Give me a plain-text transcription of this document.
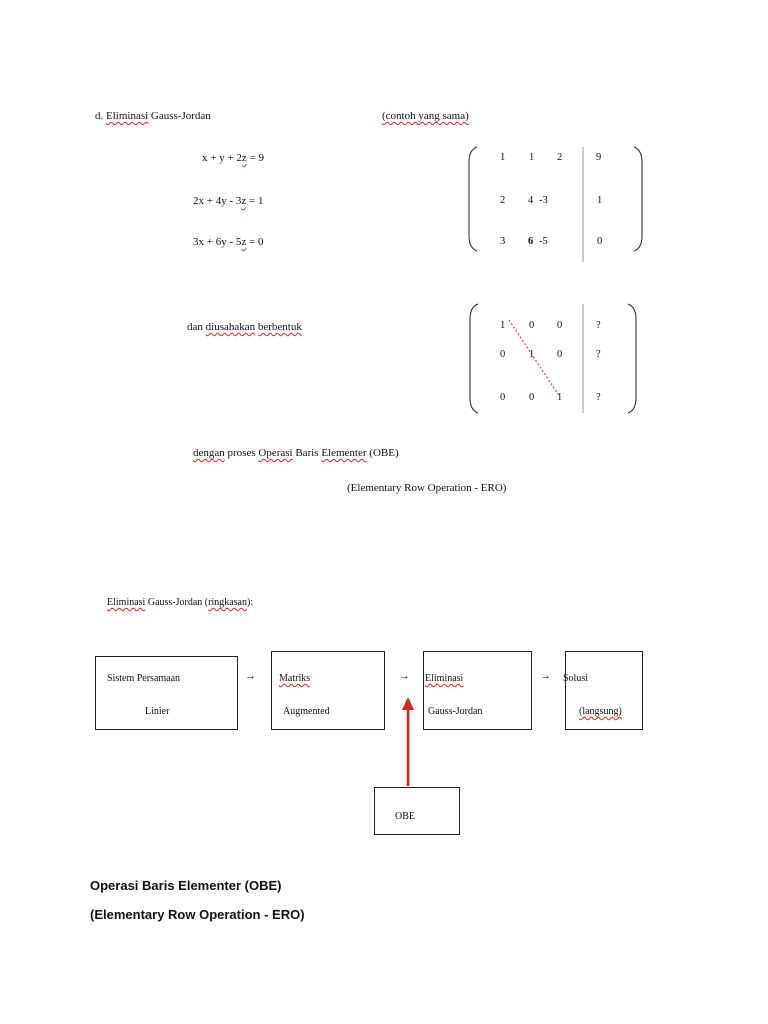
d. Eliminasi Gauss-Jordan	(contoh yang sama)
x + y + 2z = 9
2x + 4y - 3z = 1
3x + 6y - 5z = 0
1 1 2	9
2 4 -3	1
3 6 -5	0
dan diusahakan berbentuk	1 0 0	?
0 1 0	?
0 0 1	?
dengan proses Operasi Baris Elementer (OBE)
(Elementary Row Operation - ERO)
Eliminasi Gauss-Jordan (ringkasan):
Sistem Persamaan
Linier
→ Matriks
Augmented
→ Eliminasi
Gauss-Jordan
→ Solusi
(langsung)
OBE
Operasi Baris Elementer (OBE)
(Elementary Row Operation - ERO)
